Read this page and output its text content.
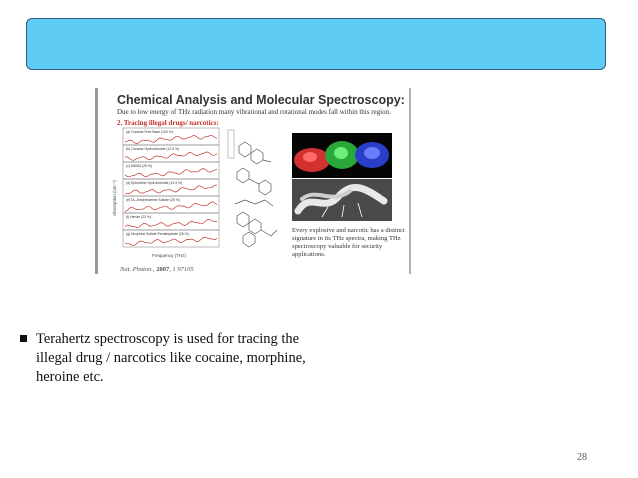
Chemical Analysis and Molecular Spectroscopy:
Due to low energy of THz radiation many vibrational and rotational modes fall within this region.
2. Tracing illegal drugs/ narcotics:
(a) Cocaine Free Base (100 %)
(b) Cocaine Hydrochloride (12.5 %)
(c) MDMA (25 %)
(d) Ephedrine Hydrochloride (12.5 %)
(e) DL-Amphetamine Sulfate (25 %)
(f) Heroin (23 %)
(g) Morphine Sulfate Pentahydrate (25 %)
Absorption (cm⁻¹)
Frequency (THz)
Every explosive and narcotic has a distinct signature in its THz spectra, making THz spectroscopy valuable for security applications.
Nat. Photon., 2007, 1 97105
Terahertz spectroscopy is used for tracing the illegal drug / narcotics like cocaine, morphine, heroine etc.
28
